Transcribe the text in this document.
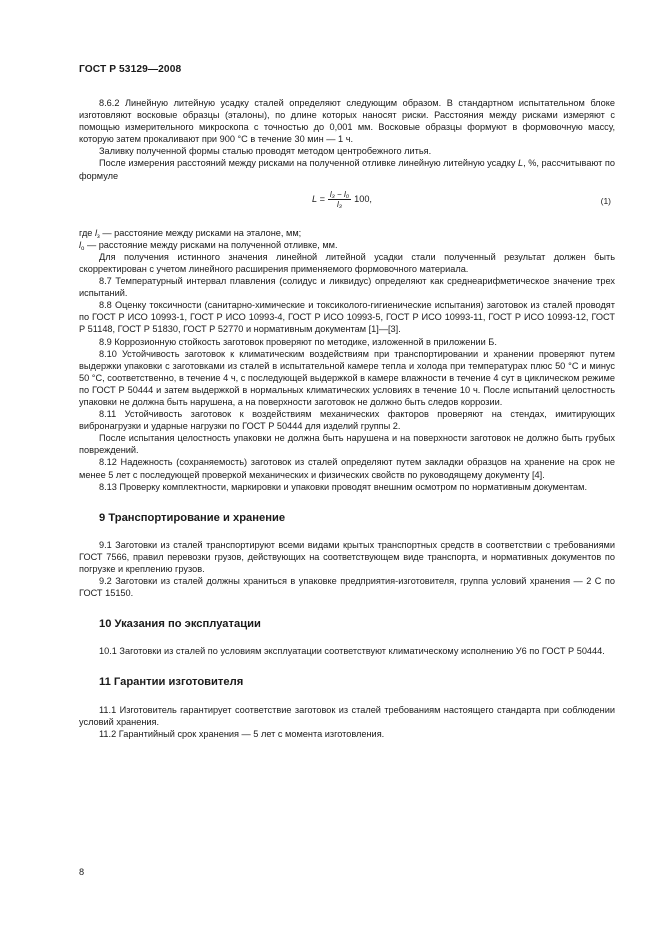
ГОСТ Р 53129—2008

8.6.2 Линейную литейную усадку сталей определяют следующим образом. В стандартном испытательном блоке изготовляют восковые образцы (эталоны), по длине которых наносят риски. Расстояния между рисками измеряют с помощью измерительного микроскопа с точностью до 0,001 мм. Восковые образцы формуют в формовочную массу, которую затем прокаливают при 900 °С в течение 30 мин — 1 ч.

Заливку полученной формы сталью проводят методом центробежного литья.

После измерения расстояний между рисками на полученной отливке линейную литейную усадку L, %, рассчитывают по формуле

$L = \frac{\text{l₃ − l₀}}{\text{l₃}} 100$,	(1)

где $l_з$ — расстояние между рисками на эталоне, мм;

$l_о$ — расстояние между рисками на полученной отливке, мм.

Для получения истинного значения линейной литейной усадки стали полученный результат должен быть скорректирован с учетом линейного расширения применяемого формовочного материала.

8.7 Температурный интервал плавления (солидус и ликвидус) определяют как среднеарифметическое значение трех испытаний.

8.8 Оценку токсичности (санитарно-химические и токсиколого-гигиенические испытания) заготовок из сталей проводят по ГОСТ Р ИСО 10993-1, ГОСТ Р ИСО 10993-4, ГОСТ Р ИСО 10993-5, ГОСТ Р ИСО 10993-11, ГОСТ Р ИСО 10993-12, ГОСТ Р 51148, ГОСТ Р 51830, ГОСТ Р 52770 и нормативным документам [1]—[3].

8.9 Коррозионную стойкость заготовок проверяют по методике, изложенной в приложении Б.

8.10 Устойчивость заготовок к климатическим воздействиям при транспортировании и хранении проверяют путем выдержки упаковки с заготовками из сталей в испытательной камере тепла и холода при температурах плюс 50 °С и минус 50 °С, соответственно, в течение 4 ч, с последующей выдержкой в камере влажности в течение 4 сут в циклическом режиме по ГОСТ Р 50444 и затем выдержкой в нормальных климатических условиях в течение 10 ч. После испытаний целостность упаковки не должна быть нарушена, а на поверхности заготовок не должно быть следов коррозии.

8.11 Устойчивость заготовок к воздействиям механических факторов проверяют на стендах, имитирующих вибронагрузки и ударные нагрузки по ГОСТ Р 50444 для изделий группы 2.

После испытания целостность упаковки не должна быть нарушена и на поверхности заготовок не должно быть грубых повреждений.

8.12 Надежность (сохраняемость) заготовок из сталей определяют путем закладки образцов на хранение на срок не менее 5 лет с последующей проверкой механических и физических свойств по руководящему документу [4].

8.13 Проверку комплектности, маркировки и упаковки проводят внешним осмотром по нормативным документам.

9 Транспортирование и хранение

9.1 Заготовки из сталей транспортируют всеми видами крытых транспортных средств в соответствии с требованиями ГОСТ 7566, правил перевозки грузов, действующих на соответствующем виде транспорта, и нормативных документов по погрузке и креплению грузов.

9.2 Заготовки из сталей должны храниться в упаковке предприятия-изготовителя, группа условий хранения — 2 С по ГОСТ 15150.

10 Указания по эксплуатации

10.1 Заготовки из сталей по условиям эксплуатации соответствуют климатическому исполнению У6 по ГОСТ Р 50444.

11 Гарантии изготовителя

11.1 Изготовитель гарантирует соответствие заготовок из сталей требованиям настоящего стандарта при соблюдении условий хранения.

11.2 Гарантийный срок хранения — 5 лет с момента изготовления.

8
